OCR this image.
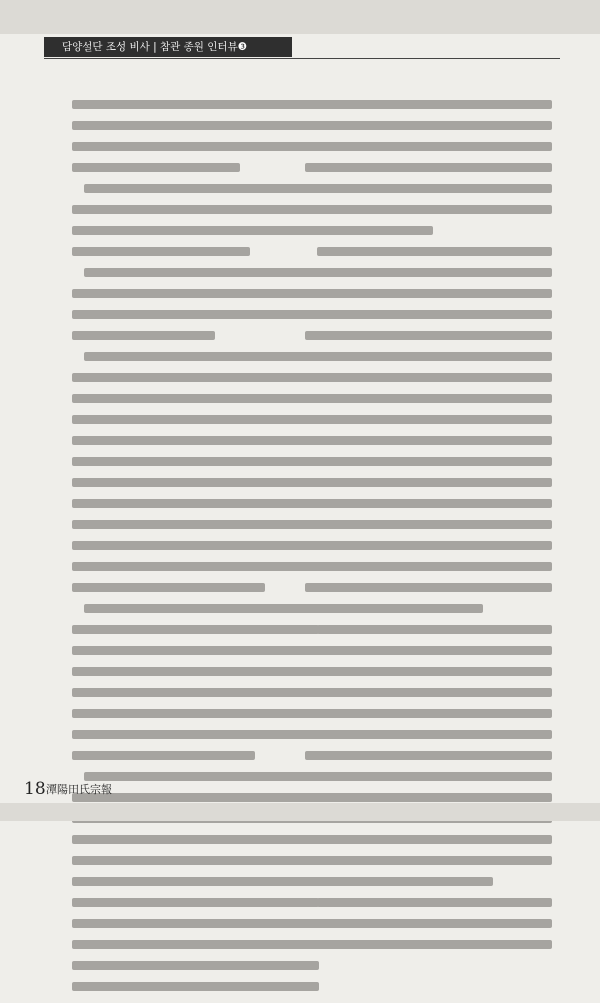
담양설단 조성 비사 | 참관 종원 인터뷰❸
18 潭陽田氏宗報
